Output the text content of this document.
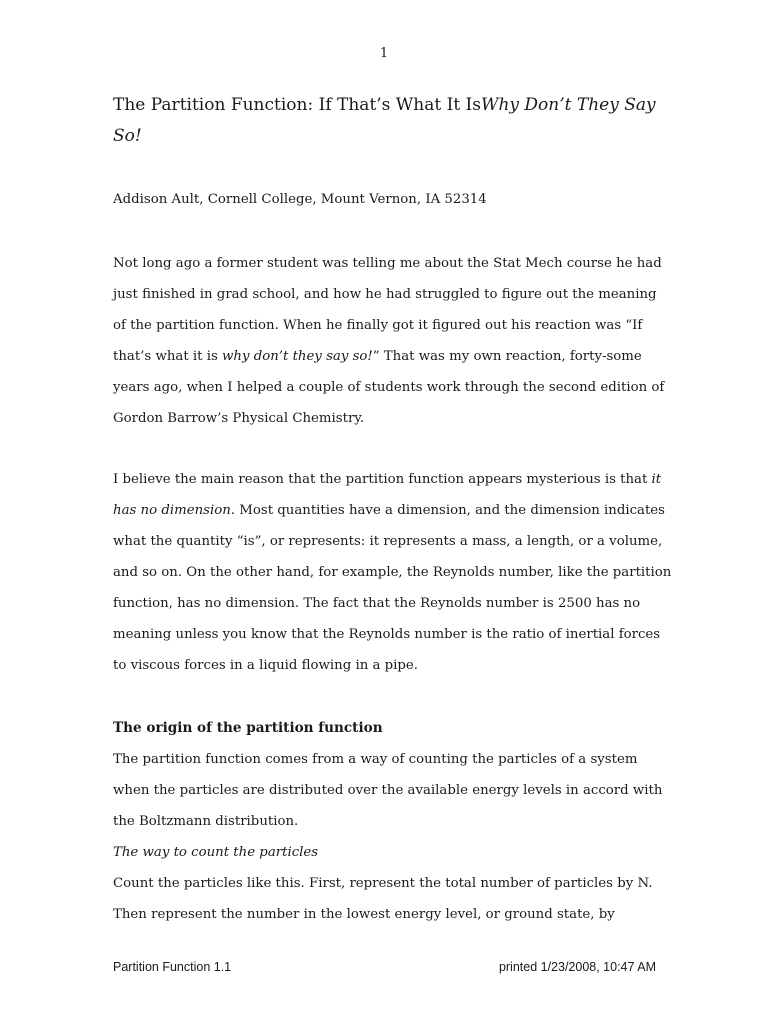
1
The Partition Function: If That’s What It IsWhy Don’t They Say So!

Addison Ault, Cornell College, Mount Vernon, IA 52314

Not long ago a former student was telling me about the Stat Mech course he had just finished in grad school, and how he had struggled to figure out the meaning of the partition function. When he finally got it figured out his reaction was “If that’s what it is why don’t they say so!” That was my own reaction, forty-some years ago, when I helped a couple of students work through the second edition of Gordon Barrow’s Physical Chemistry.

I believe the main reason that the partition function appears mysterious is that it has no dimension. Most quantities have a dimension, and the dimension indicates what the quantity “is”, or represents: it represents a mass, a length, or a volume, and so on. On the other hand, for example, the Reynolds number, like the partition function, has no dimension. The fact that the Reynolds number is 2500 has no meaning unless you know that the Reynolds number is the ratio of inertial forces to viscous forces in a liquid flowing in a pipe.

The origin of the partition function

The partition function comes from a way of counting the particles of a system when the particles are distributed over the available energy levels in accord with the Boltzmann distribution.

The way to count the particles

Count the particles like this. First, represent the total number of particles by N. Then represent the number in the lowest energy level, or ground state, by

Partition Function 1.1	printed 1/23/2008, 10:47 AM
